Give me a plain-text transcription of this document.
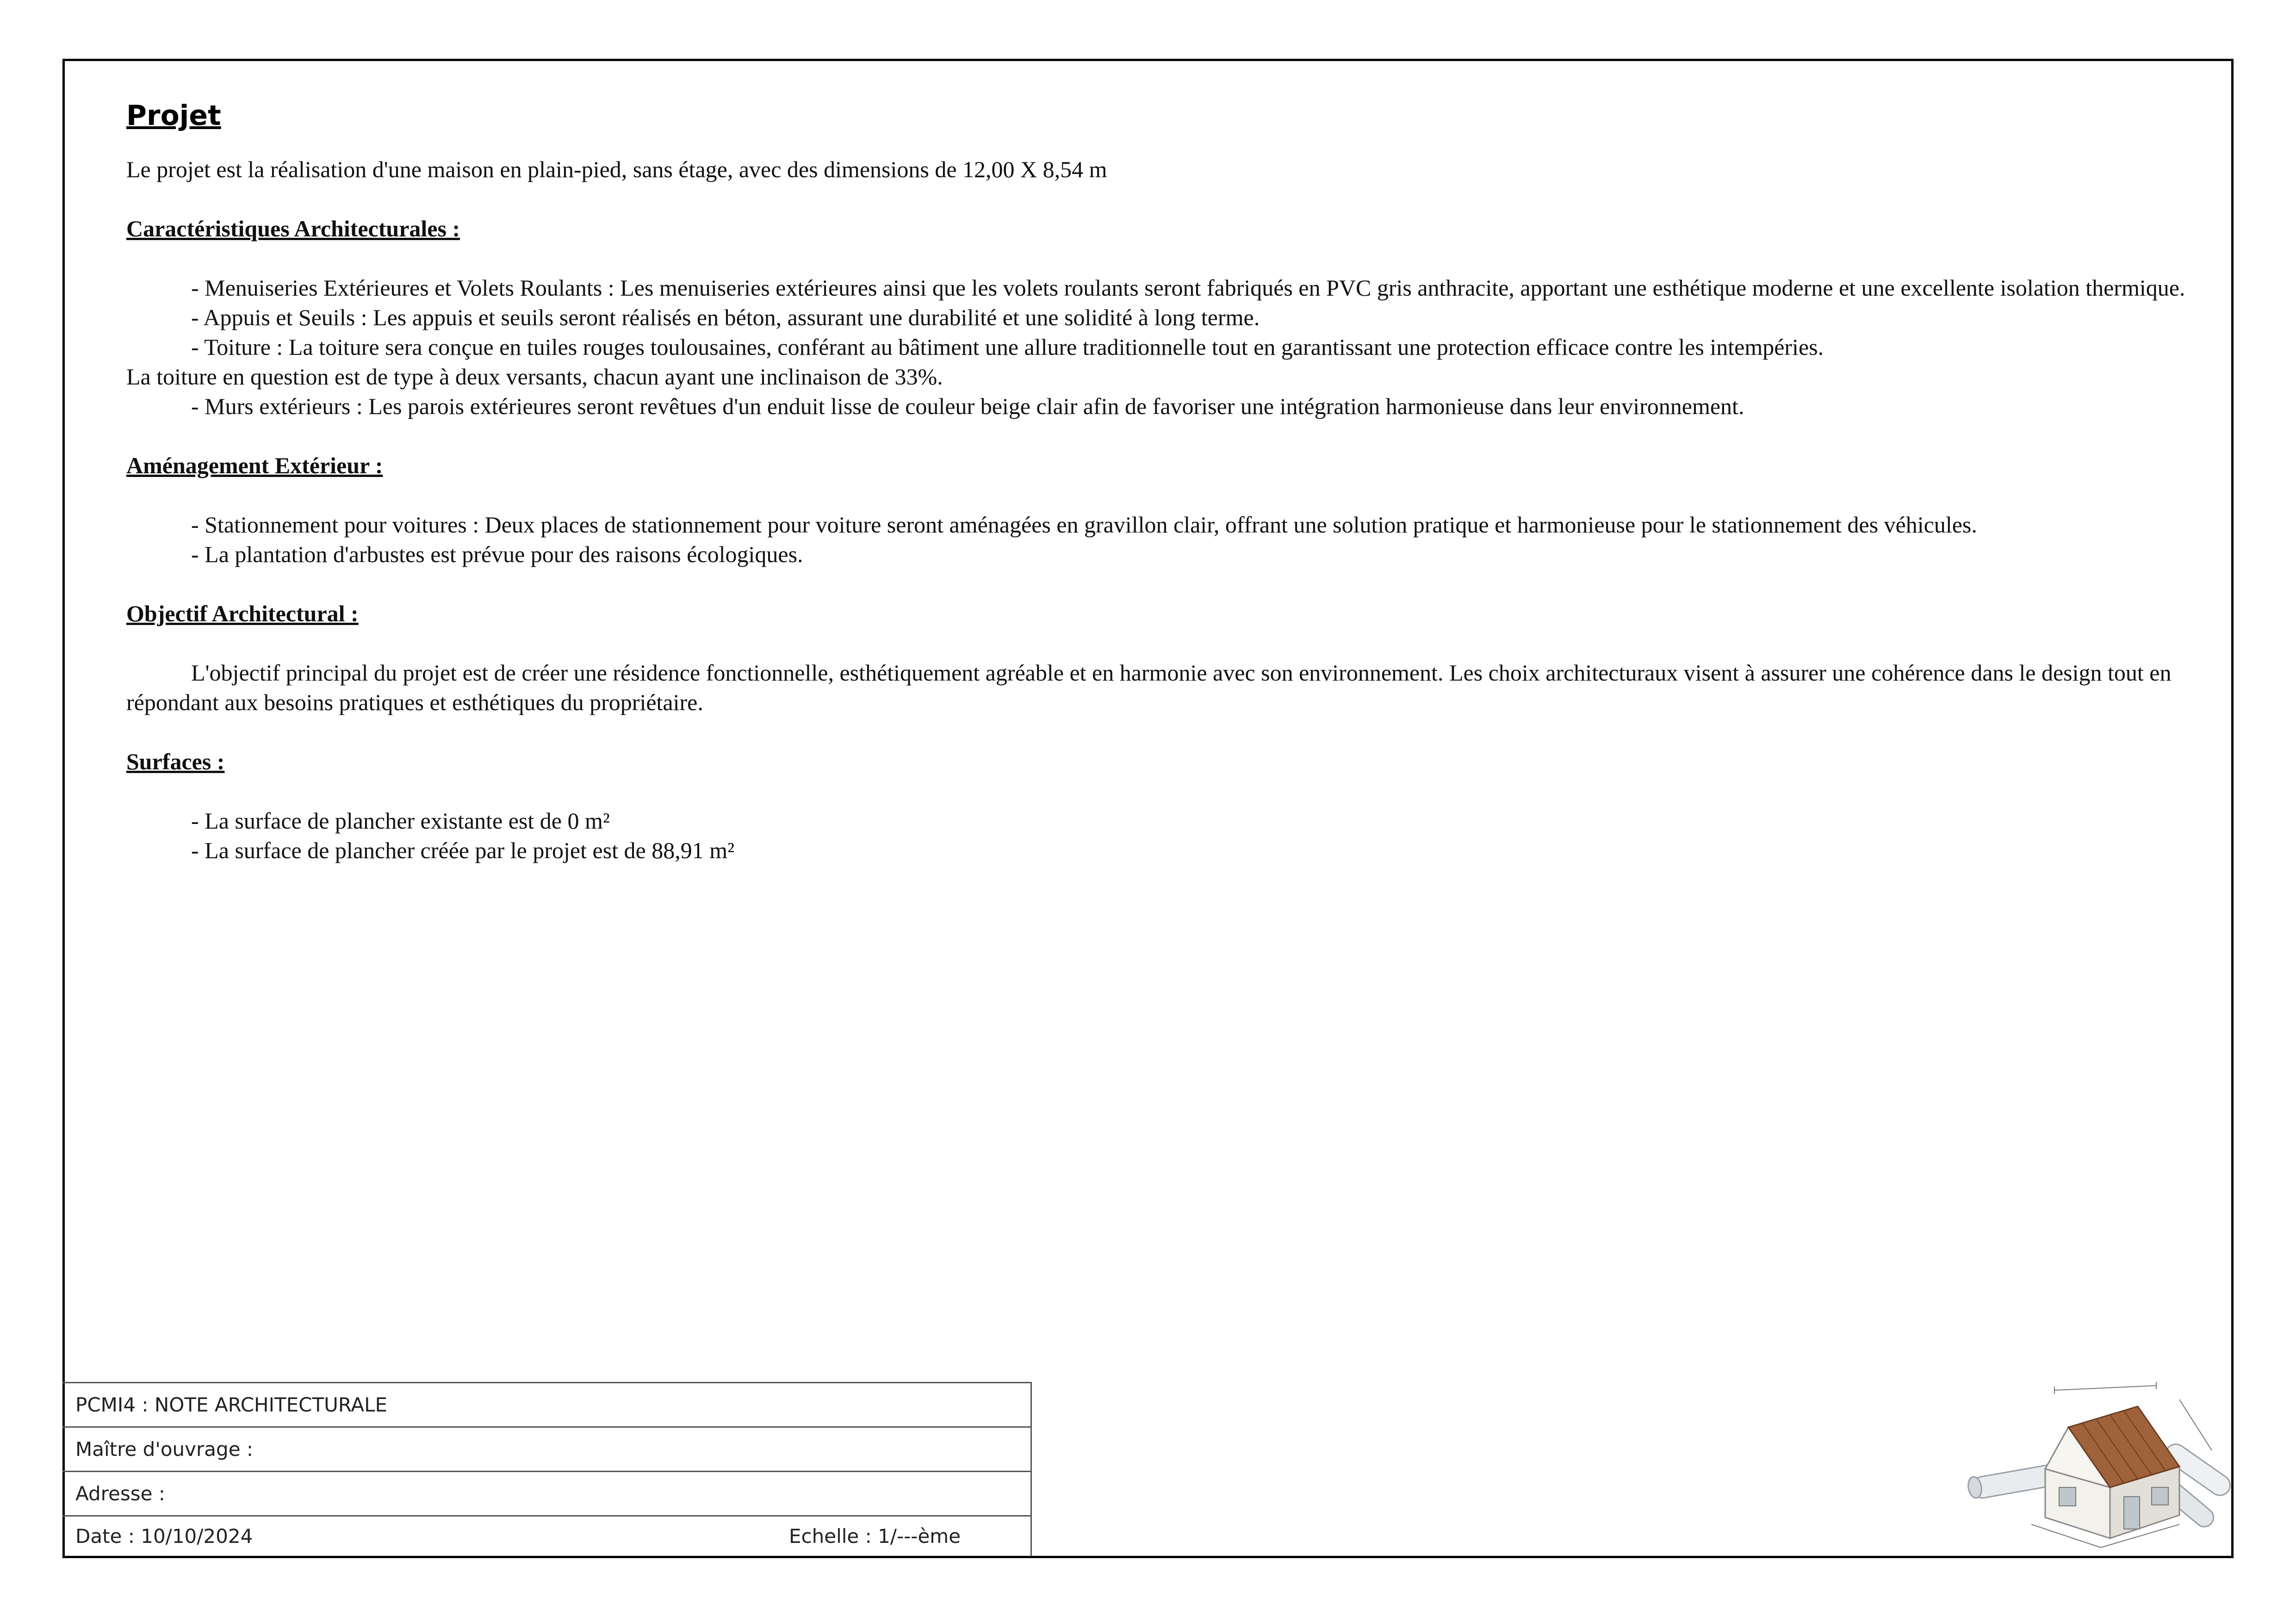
Projet

Le projet est la réalisation d'une maison en plain-pied, sans étage, avec des dimensions de 12,00 X 8,54 m

Caractéristiques Architecturales :

- Menuiseries Extérieures et Volets Roulants : Les menuiseries extérieures ainsi que les volets roulants seront fabriqués en PVC gris anthracite, apportant une esthétique moderne et une excellente isolation thermique.

- Appuis et Seuils : Les appuis et seuils seront réalisés en béton, assurant une durabilité et une solidité à long terme.

- Toiture : La toiture sera conçue en tuiles rouges toulousaines, conférant au bâtiment une allure traditionnelle tout en garantissant une protection efficace contre les intempéries.

La toiture en question est de type à deux versants, chacun ayant une inclinaison de 33%.

- Murs extérieurs : Les parois extérieures seront revêtues d'un enduit lisse de couleur beige clair afin de favoriser une intégration harmonieuse dans leur environnement.

Aménagement Extérieur :

- Stationnement pour voitures : Deux places de stationnement pour voiture seront aménagées en gravillon clair, offrant une solution pratique et harmonieuse pour le stationnement des véhicules.

- La plantation d'arbustes est prévue pour des raisons écologiques.

Objectif Architectural :

L'objectif principal du projet est de créer une résidence fonctionnelle, esthétiquement agréable et en harmonie avec son environnement. Les choix architecturaux visent à assurer une cohérence dans le design tout en répondant aux besoins pratiques et esthétiques du propriétaire.

Surfaces :

- La surface de plancher existante est de 0 m²

- La surface de plancher créée par le projet est de 88,91 m²

PCMI4 : NOTE ARCHITECTURALE
Maître d'ouvrage :
Adresse :
Date : 10/10/2024	Echelle : 1/---ème
